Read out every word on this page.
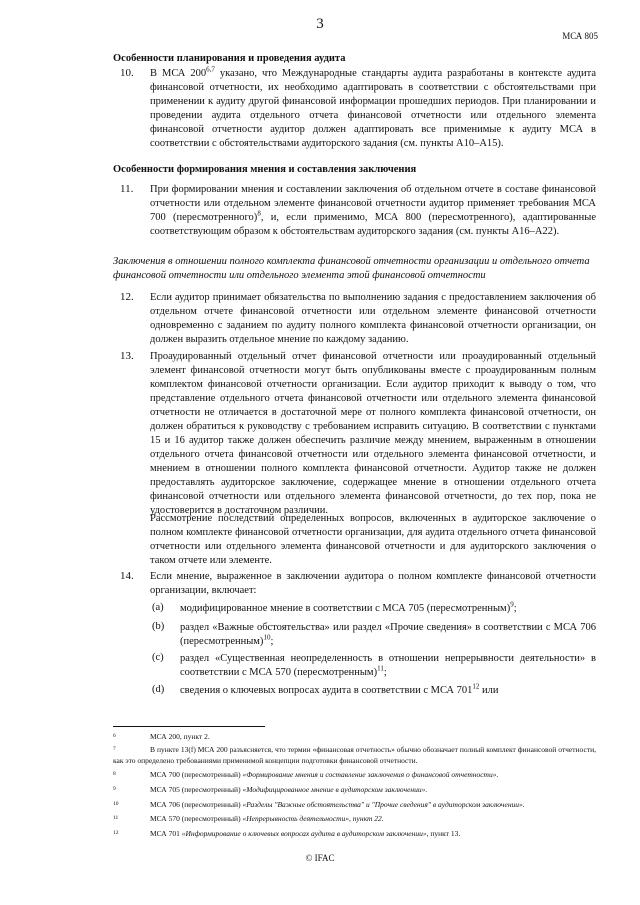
3
МСА 805
Особенности планирования и проведения аудита
10. В МСА 200$^{6,7}$ указано, что Международные стандарты аудита разработаны в контексте аудита финансовой отчетности, их необходимо адаптировать в соответствии с обстоятельствами при применении к аудиту другой финансовой информации прошедших периодов. При планировании и проведении аудита отдельного отчета финансовой отчетности или отдельного элемента финансовой отчетности аудитор должен адаптировать все применимые к аудиту МСА в соответствии с обстоятельствами аудиторского задания (см. пункты А10–А15).
Особенности формирования мнения и составления заключения
11. При формировании мнения и составлении заключения об отдельном отчете в составе финансовой отчетности или отдельном элементе финансовой отчетности аудитор применяет требования МСА 700 (пересмотренного)$^8$, и, если применимо, МСА 800 (пересмотренного), адаптированные соответствующим образом к обстоятельствам аудиторского задания (см. пункты А16–А22).
Заключения в отношении полного комплекта финансовой отчетности организации и отдельного отчета финансовой отчетности или отдельного элемента этой финансовой отчетности
12. Если аудитор принимает обязательства по выполнению задания с предоставлением заключения об отдельном отчете финансовой отчетности или отдельном элементе финансовой отчетности одновременно с заданием по аудиту полного комплекта финансовой отчетности организации, он должен выразить отдельное мнение по каждому заданию.
13. Проаудированный отдельный отчет финансовой отчетности или проаудированный отдельный элемент финансовой отчетности могут быть опубликованы вместе с проаудированным полным комплектом финансовой отчетности организации. Если аудитор приходит к выводу о том, что представление отдельного отчета финансовой отчетности или отдельного элемента финансовой отчетности не отличается в достаточной мере от полного комплекта финансовой отчетности, он должен обратиться к руководству с требованием исправить ситуацию. В соответствии с пунктами 15 и 16 аудитор также должен обеспечить различие между мнением, выраженным в отношении отдельного отчета финансовой отчетности или отдельного элемента финансовой отчетности, и мнением в отношении полного комплекта финансовой отчетности. Аудитор также не должен предоставлять аудиторское заключение, содержащее мнение в отношении отдельного отчета финансовой отчетности или отдельного элемента финансовой отчетности, до тех пор, пока не удостоверится в достаточном различии.
Рассмотрение последствий определенных вопросов, включенных в аудиторское заключение о полном комплекте финансовой отчетности организации, для аудита отдельного отчета финансовой отчетности или отдельного элемента финансовой отчетности и для аудиторского заключения о таком отчете или элементе.
14. Если мнение, выраженное в заключении аудитора о полном комплекте финансовой отчетности организации, включает:
(a) модифицированное мнение в соответствии с МСА 705 (пересмотренным)$^9$;
(b) раздел «Важные обстоятельства» или раздел «Прочие сведения» в соответствии с МСА 706 (пересмотренным)$^{10}$;
(c) раздел «Существенная неопределенность в отношении непрерывности деятельности» в соответствии с МСА 570 (пересмотренным)$^{11}$;
(d) сведения о ключевых вопросах аудита в соответствии с МСА $701^{12}$ или
6	МСА 200, пункт 2.
7	В пункте 13(f) МСА 200 разъясняется, что термин «финансовая отчетность» обычно обозначает полный комплект финансовой отчетности, как это определено требованиями применимой концепции подготовки финансовой отчетности.
8	МСА 700 (пересмотренный) «Формирование мнения и составление заключения о финансовой отчетности».
9	МСА 705 (пересмотренный) «Модифицированное мнение в аудиторском заключении».
10	МСА 706 (пересмотренный) «Разделы "Важные обстоятельства" и "Прочие сведения" в аудиторском заключении».
11	МСА 570 (пересмотренный) «Непрерывность деятельности», пункт 22.
12	МСА 701 «Информирование о ключевых вопросах аудита в аудиторском заключении», пункт 13.
© IFAC
